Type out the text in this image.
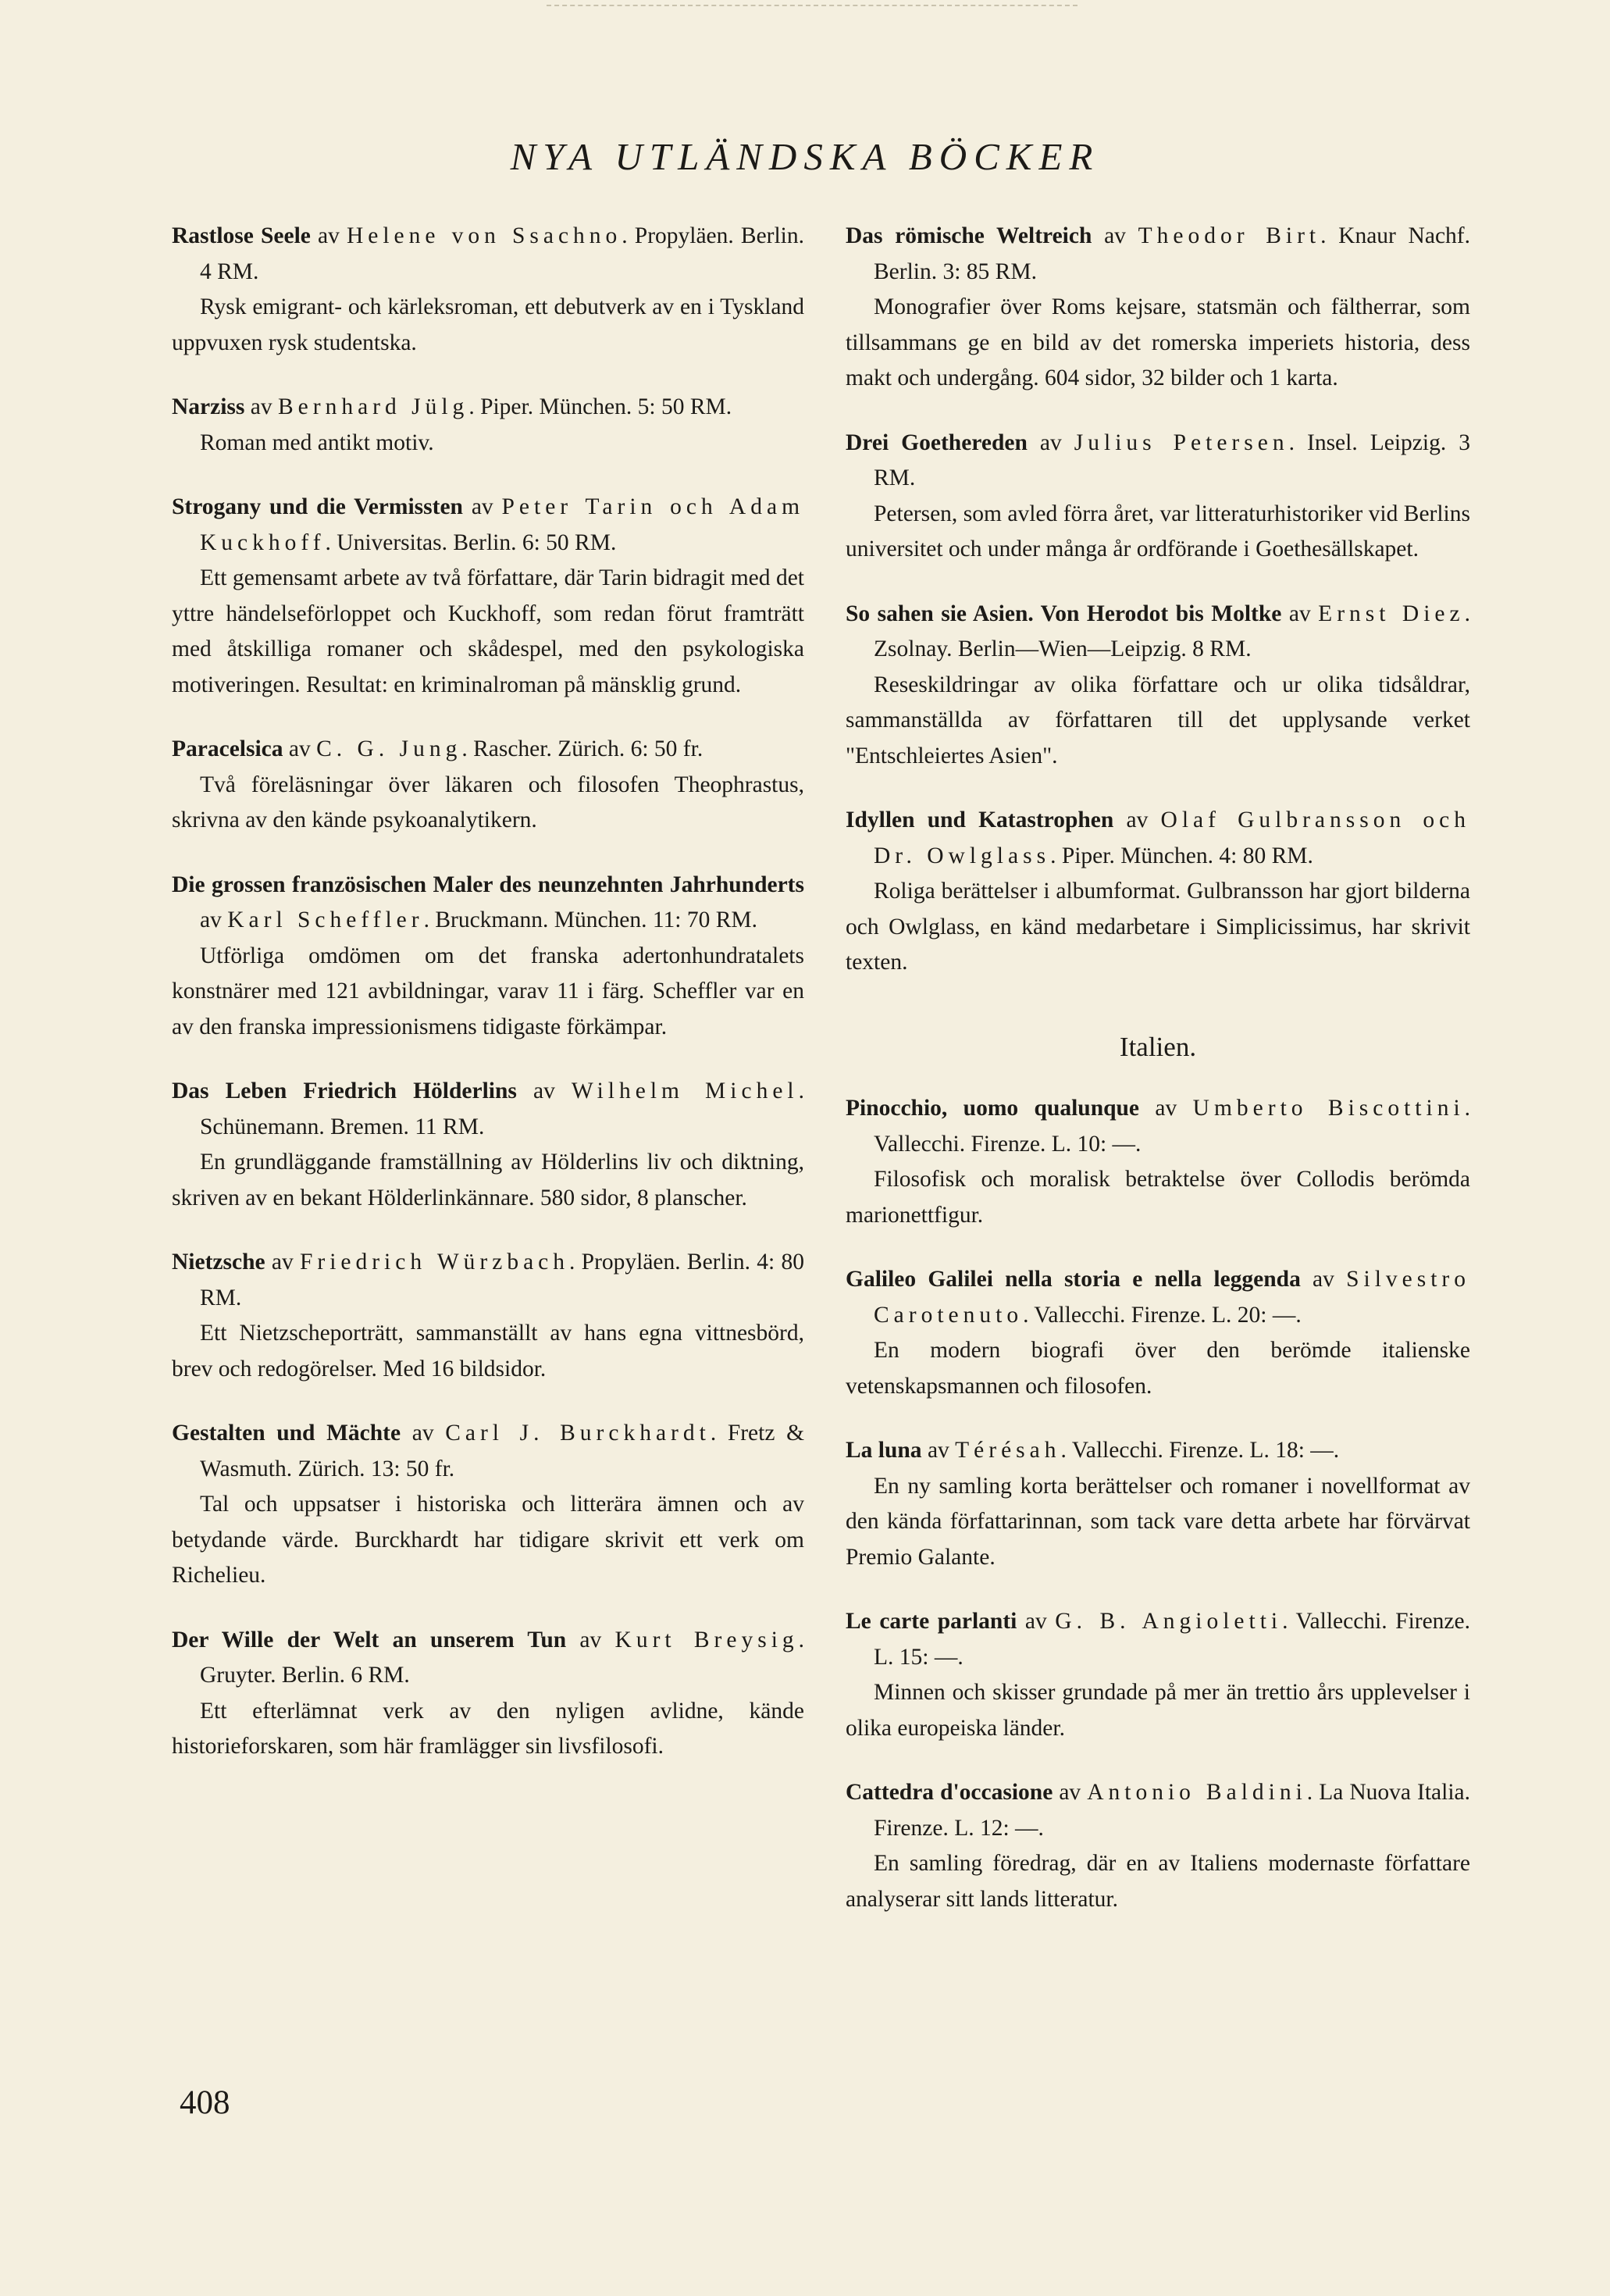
NYA UTLÄNDSKA BÖCKER
Rastlose Seele av Helene von Ssachno. Propyläen. Berlin. 4 RM.
Rysk emigrant- och kärleksroman, ett debutverk av en i Tyskland uppvuxen rysk studentska.
Narziss av Bernhard Jülg. Piper. München. 5: 50 RM.
Roman med antikt motiv.
Strogany und die Vermissten av Peter Tarin och Adam Kuckhoff. Universitas. Berlin. 6: 50 RM.
Ett gemensamt arbete av två författare, där Tarin bidragit med det yttre händelseförloppet och Kuckhoff, som redan förut framträtt med åtskilliga romaner och skådespel, med den psykologiska motiveringen. Resultat: en kriminalroman på mänsklig grund.
Paracelsica av C. G. Jung. Rascher. Zürich. 6: 50 fr.
Två föreläsningar över läkaren och filosofen Theophrastus, skrivna av den kände psykoanalytikern.
Die grossen französischen Maler des neunzehnten Jahrhunderts av Karl Scheffler. Bruckmann. München. 11: 70 RM.
Utförliga omdömen om det franska adertonhundratalets konstnärer med 121 avbildningar, varav 11 i färg. Scheffler var en av den franska impressionismens tidigaste förkämpar.
Das Leben Friedrich Hölderlins av Wilhelm Michel. Schünemann. Bremen. 11 RM.
En grundläggande framställning av Hölderlins liv och diktning, skriven av en bekant Hölderlinkännare. 580 sidor, 8 planscher.
Nietzsche av Friedrich Würzbach. Propyläen. Berlin. 4: 80 RM.
Ett Nietzscheporträtt, sammanställt av hans egna vittnesbörd, brev och redogörelser. Med 16 bildsidor.
Gestalten und Mächte av Carl J. Burckhardt. Fretz & Wasmuth. Zürich. 13: 50 fr.
Tal och uppsatser i historiska och litterära ämnen och av betydande värde. Burckhardt har tidigare skrivit ett verk om Richelieu.
Der Wille der Welt an unserem Tun av Kurt Breysig. Gruyter. Berlin. 6 RM.
Ett efterlämnat verk av den nyligen avlidne, kände historieforskaren, som här framlägger sin livsfilosofi.
Das römische Weltreich av Theodor Birt. Knaur Nachf. Berlin. 3: 85 RM.
Monografier över Roms kejsare, statsmän och fältherrar, som tillsammans ge en bild av det romerska imperiets historia, dess makt och undergång. 604 sidor, 32 bilder och 1 karta.
Drei Goethereden av Julius Petersen. Insel. Leipzig. 3 RM.
Petersen, som avled förra året, var litteraturhistoriker vid Berlins universitet och under många år ordförande i Goethesällskapet.
So sahen sie Asien. Von Herodot bis Moltke av Ernst Diez. Zsolnay. Berlin—Wien—Leipzig. 8 RM.
Reseskildringar av olika författare och ur olika tidsåldrar, sammanställda av författaren till det upplysande verket "Entschleiertes Asien".
Idyllen und Katastrophen av Olaf Gulbransson och Dr. Owlglass. Piper. München. 4: 80 RM.
Roliga berättelser i albumformat. Gulbransson har gjort bilderna och Owlglass, en känd medarbetare i Simplicissimus, har skrivit texten.
Italien.
Pinocchio, uomo qualunque av Umberto Biscottini. Vallecchi. Firenze. L. 10: —.
Filosofisk och moralisk betraktelse över Collodis berömda marionettfigur.
Galileo Galilei nella storia e nella leggenda av Silvestro Carotenuto. Vallecchi. Firenze. L. 20: —.
En modern biografi över den berömde italienske vetenskapsmannen och filosofen.
La luna av Térésah. Vallecchi. Firenze. L. 18: —.
En ny samling korta berättelser och romaner i novellformat av den kända författarinnan, som tack vare detta arbete har förvärvat Premio Galante.
Le carte parlanti av G. B. Angioletti. Vallecchi. Firenze. L. 15: —.
Minnen och skisser grundade på mer än trettio års upplevelser i olika europeiska länder.
Cattedra d'occasione av Antonio Baldini. La Nuova Italia. Firenze. L. 12: —.
En samling föredrag, där en av Italiens modernaste författare analyserar sitt lands litteratur.
408
